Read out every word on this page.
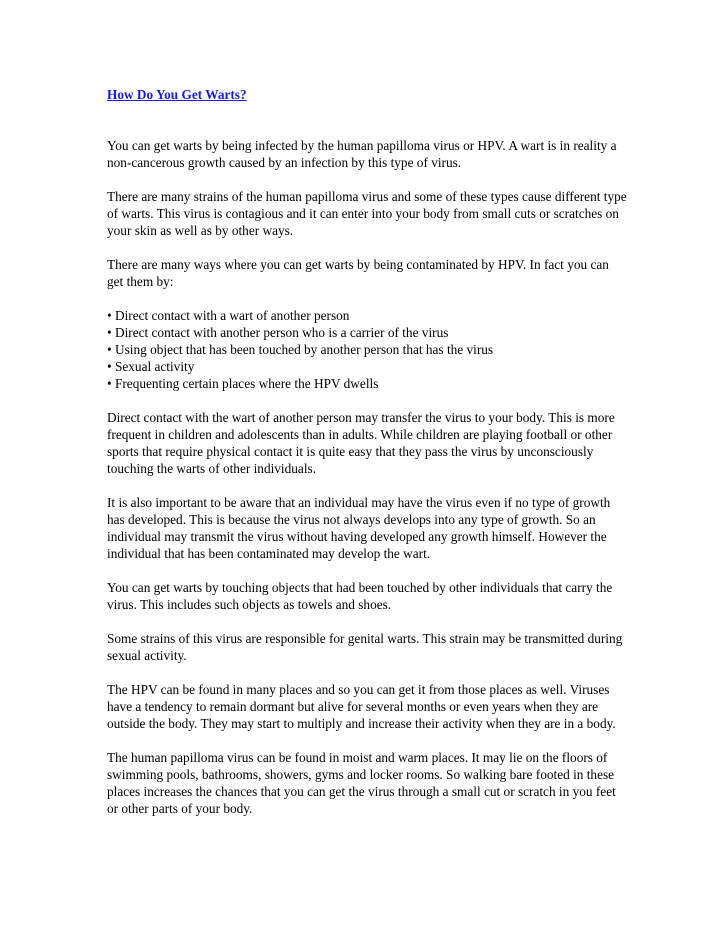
How Do You Get Warts?

You can get warts by being infected by the human papilloma virus or HPV. A wart is in reality a non-cancerous growth caused by an infection by this type of virus.

There are many strains of the human papilloma virus and some of these types cause different type of warts. This virus is contagious and it can enter into your body from small cuts or scratches on your skin as well as by other ways.

There are many ways where you can get warts by being contaminated by HPV. In fact you can get them by:

• Direct contact with a wart of another person
• Direct contact with another person who is a carrier of the virus
• Using object that has been touched by another person that has the virus
• Sexual activity
• Frequenting certain places where the HPV dwells

Direct contact with the wart of another person may transfer the virus to your body. This is more frequent in children and adolescents than in adults. While children are playing football or other sports that require physical contact it is quite easy that they pass the virus by unconsciously touching the warts of other individuals.

It is also important to be aware that an individual may have the virus even if no type of growth has developed. This is because the virus not always develops into any type of growth. So an individual may transmit the virus without having developed any growth himself. However the individual that has been contaminated may develop the wart.

You can get warts by touching objects that had been touched by other individuals that carry the virus. This includes such objects as towels and shoes.

Some strains of this virus are responsible for genital warts. This strain may be transmitted during sexual activity.

The HPV can be found in many places and so you can get it from those places as well. Viruses have a tendency to remain dormant but alive for several months or even years when they are outside the body. They may start to multiply and increase their activity when they are in a body.

The human papilloma virus can be found in moist and warm places. It may lie on the floors of swimming pools, bathrooms, showers, gyms and locker rooms. So walking bare footed in these places increases the chances that you can get the virus through a small cut or scratch in you feet or other parts of your body.
